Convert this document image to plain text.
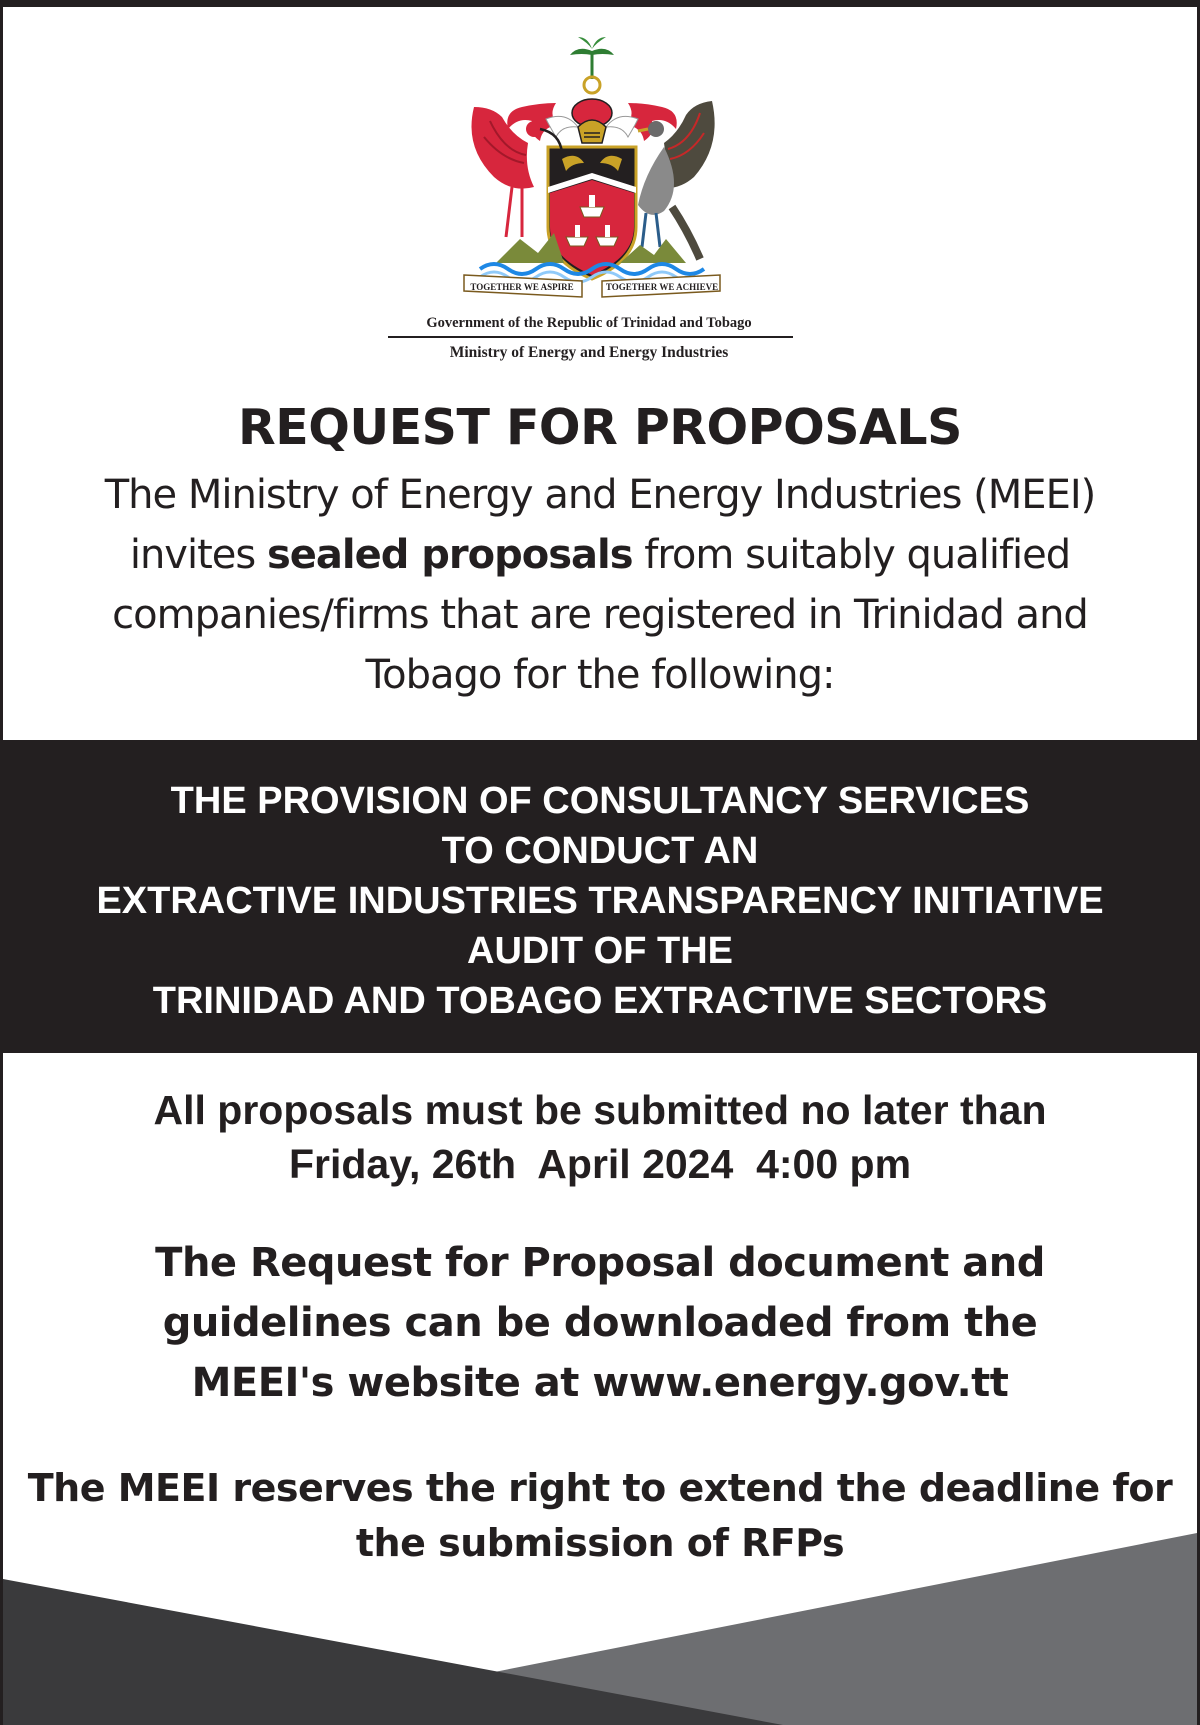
TOGETHER WE ASPIRE	TOGETHER WE ACHIEVE
Government of the Republic of Trinidad and Tobago
Ministry of Energy and Energy Industries
REQUEST FOR PROPOSALS
The Ministry of Energy and Energy Industries (MEEI)
invites sealed proposals from suitably qualified
companies/firms that are registered in Trinidad and
Tobago for the following:
THE PROVISION OF CONSULTANCY SERVICES
TO CONDUCT AN
EXTRACTIVE INDUSTRIES TRANSPARENCY INITIATIVE
AUDIT OF THE
TRINIDAD AND TOBAGO EXTRACTIVE SECTORS
All proposals must be submitted no later than
Friday, 26th  April 2024  4:00 pm
The Request for Proposal document and
guidelines can be downloaded from the
MEEI's website at www.energy.gov.tt
The MEEI reserves the right to extend the deadline for
the submission of RFPs
